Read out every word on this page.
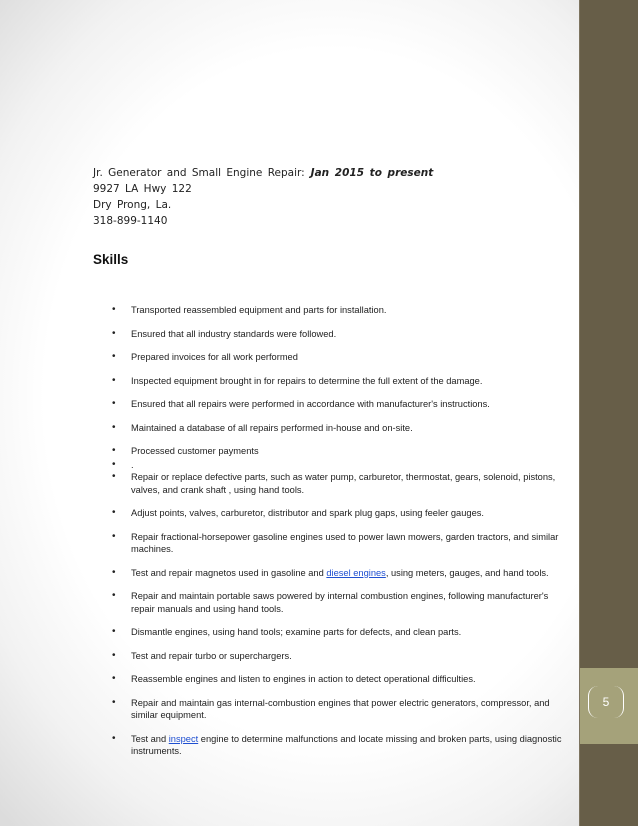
5
Jr. Generator and Small Engine Repair: Jan 2015 to present
9927 LA Hwy 122
Dry Prong, La.
318-899-1140
Skills
• Transported reassembled equipment and parts for installation.
• Ensured that all industry standards were followed.
• Prepared invoices for all work performed
• Inspected equipment brought in for repairs to determine the full extent of the damage.
• Ensured that all repairs were performed in accordance with manufacturer's instructions.
• Maintained a database of all repairs performed in-house and on-site.
• Processed customer payments
• .
• Repair or replace defective parts, such as water pump, carburetor, thermostat, gears, solenoid, pistons, valves, and crank shaft , using hand tools.
• Adjust points, valves, carburetor, distributor and spark plug gaps, using feeler gauges.
• Repair fractional-horsepower gasoline engines used to power lawn mowers, garden tractors, and similar machines.
• Test and repair magnetos used in gasoline and diesel engines, using meters, gauges, and hand tools.
• Repair and maintain portable saws powered by internal combustion engines, following manufacturer's repair manuals and using hand tools.
• Dismantle engines, using hand tools; examine parts for defects, and clean parts.
• Test and repair turbo or superchargers.
• Reassemble engines and listen to engines in action to detect operational difficulties.
• Repair and maintain gas internal-combustion engines that power electric generators, compressor, and similar equipment.
• Test and inspect engine to determine malfunctions and locate missing and broken parts, using diagnostic instruments.
